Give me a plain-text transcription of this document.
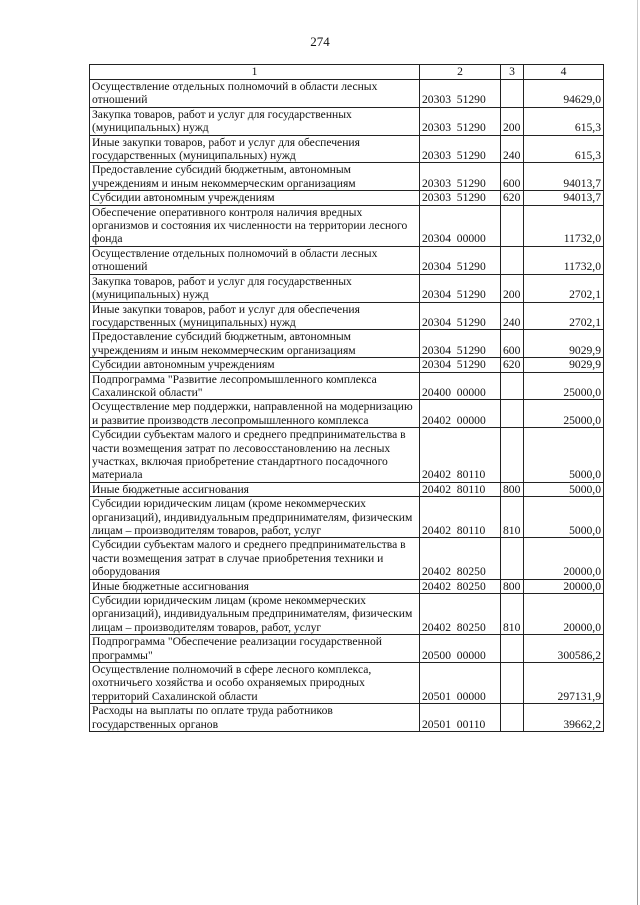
274
1	2	3	4
Осуществление отдельных полномочий в области лесных отношений	20303  51290		94629,0
Закупка товаров, работ и услуг для государственных (муниципальных) нужд	20303  51290	200	615,3
Иные закупки товаров, работ и услуг для обеспечения государственных (муниципальных) нужд	20303  51290	240	615,3
Предоставление субсидий бюджетным, автономным учреждениям и иным некоммерческим организациям	20303  51290	600	94013,7
Субсидии автономным учреждениям	20303  51290	620	94013,7
Обеспечение оперативного контроля наличия вредных организмов и состояния их численности на территории лесного фонда	20304  00000		11732,0
Осуществление отдельных полномочий в области лесных отношений	20304  51290		11732,0
Закупка товаров, работ и услуг для государственных (муниципальных) нужд	20304  51290	200	2702,1
Иные закупки товаров, работ и услуг для обеспечения государственных (муниципальных) нужд	20304  51290	240	2702,1
Предоставление субсидий бюджетным, автономным учреждениям и иным некоммерческим организациям	20304  51290	600	9029,9
Субсидии автономным учреждениям	20304  51290	620	9029,9
Подпрограмма "Развитие лесопромышленного комплекса Сахалинской области"	20400  00000		25000,0
Осуществление мер поддержки, направленной на модернизацию и развитие производств лесопромышленного комплекса	20402  00000		25000,0
Субсидии субъектам малого и среднего предпринимательства в части возмещения затрат по лесовосстановлению на лесных участках, включая приобретение стандартного посадочного материала	20402  80110		5000,0
Иные бюджетные ассигнования	20402  80110	800	5000,0
Субсидии юридическим лицам (кроме некоммерческих организаций), индивидуальным предпринимателям, физическим лицам – производителям товаров, работ, услуг	20402  80110	810	5000,0
Субсидии субъектам малого и среднего предпринимательства в части возмещения затрат в случае приобретения техники и оборудования	20402  80250		20000,0
Иные бюджетные ассигнования	20402  80250	800	20000,0
Субсидии юридическим лицам (кроме некоммерческих организаций), индивидуальным предпринимателям, физическим лицам – производителям товаров, работ, услуг	20402  80250	810	20000,0
Подпрограмма "Обеспечение реализации государственной программы"	20500  00000		300586,2
Осуществление полномочий в сфере лесного комплекса, охотничьего хозяйства и особо охраняемых природных территорий Сахалинской области	20501  00000		297131,9
Расходы на выплаты по оплате труда работников государственных органов	20501  00110		39662,2
